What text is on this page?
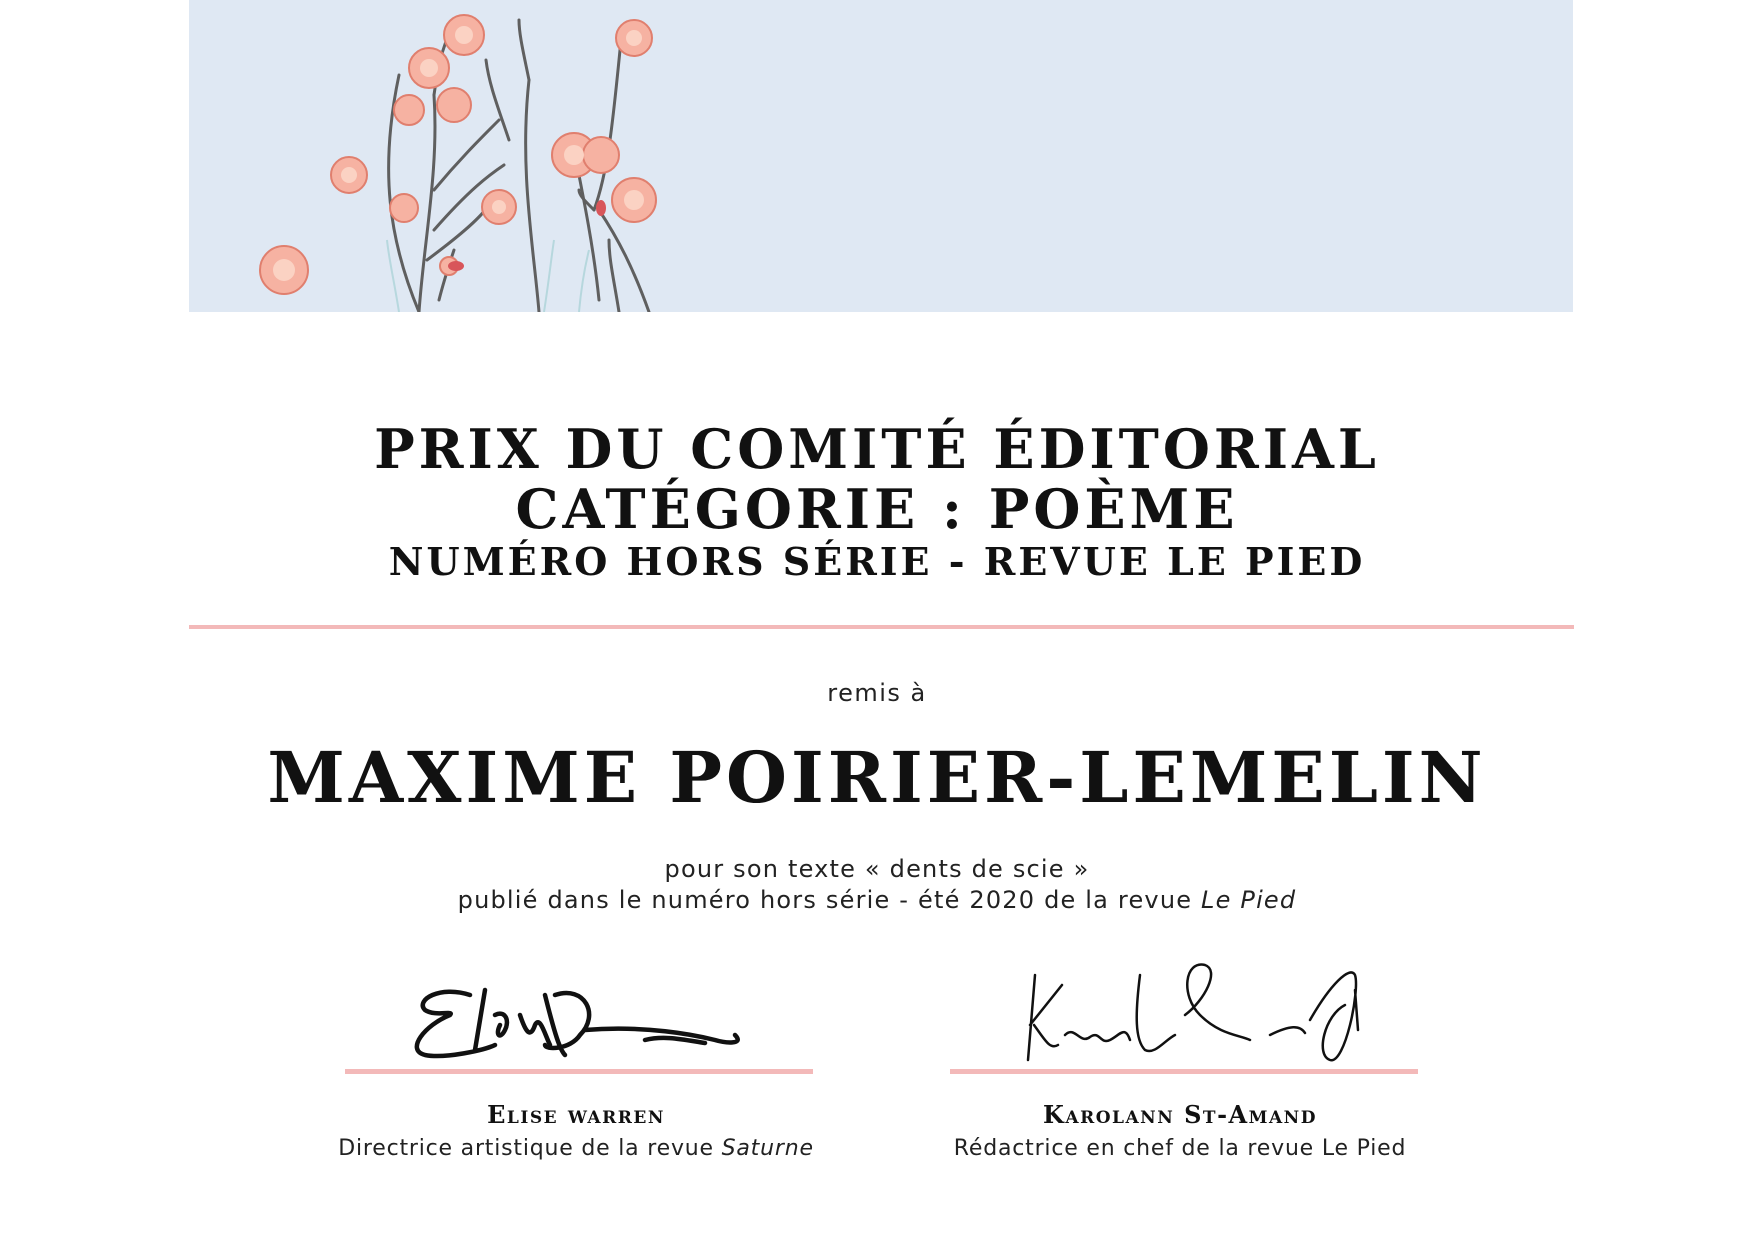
PRIX DU COMITÉ ÉDITORIAL
CATÉGORIE : POÈME
NUMÉRO HORS SÉRIE - REVUE LE PIED
remis à
MAXIME POIRIER-LEMELIN
pour son texte « dents de scie »
publié dans le numéro hors série - été 2020 de la revue Le Pied
Elise warren
Directrice artistique de la revue Saturne
Karolann St-Amand
Rédactrice en chef de la revue Le Pied
